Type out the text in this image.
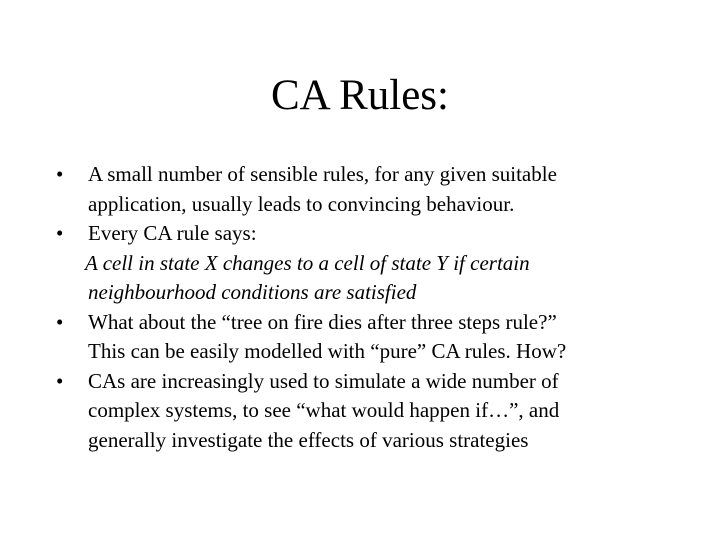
CA Rules:
•	A small number of sensible rules, for any given suitable
application, usually leads to convincing behaviour.
•	Every CA rule says:
A cell in state X changes to a cell of state Y if certain
neighbourhood conditions are satisfied
•	What about the “tree on fire dies after three steps rule?”
This can be easily modelled with “pure” CA rules. How?
•	CAs are increasingly used to simulate a wide number of
complex systems, to see “what would happen if…”, and
generally investigate the effects of various strategies
